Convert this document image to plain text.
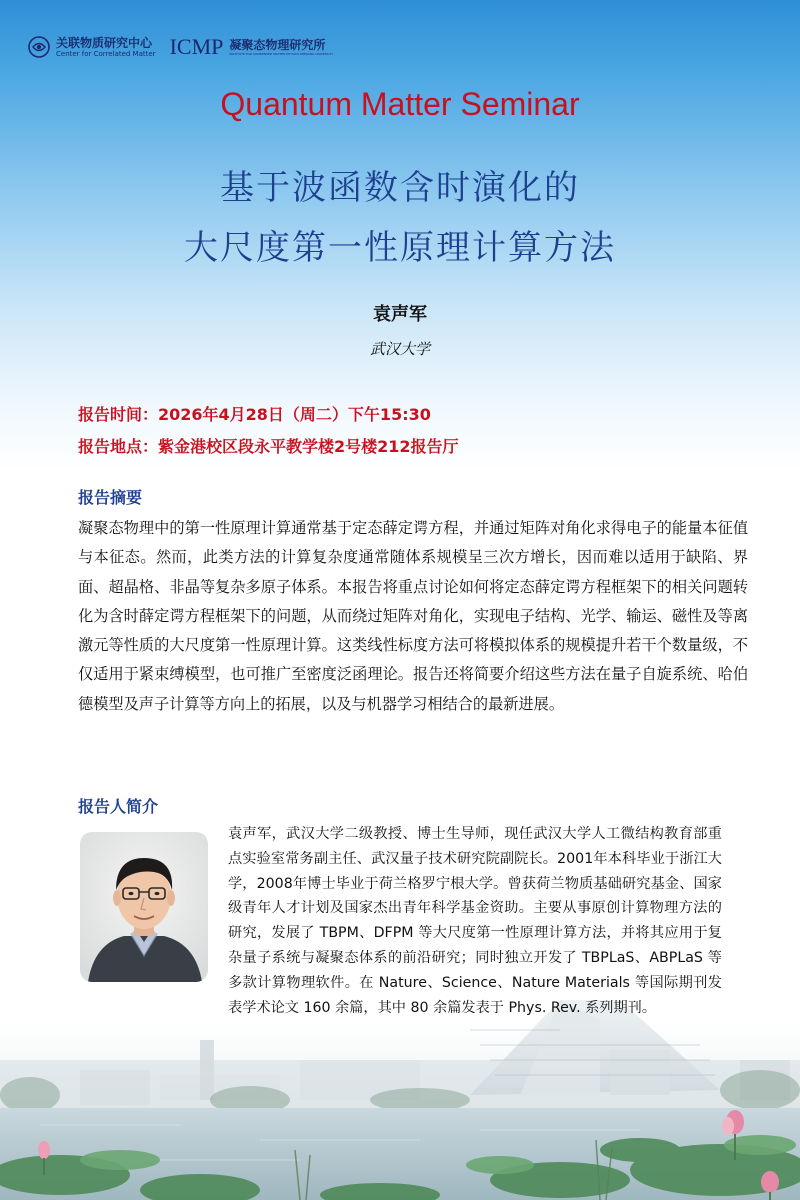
关联物质研究中心
Center for Correlated Matter ICMP 凝聚态物理研究所
INSTITUTE FOR CONDENSED MATTER PHYSICS ZHEJIANG UNIVERSITY
Quantum Matter Seminar
基于波函数含时演化的
大尺度第一性原理计算方法
袁声军
武汉大学
报告时间：2026年4月28日（周二）下午15:30
报告地点：紫金港校区段永平教学楼2号楼212报告厅
报告摘要
凝聚态物理中的第一性原理计算通常基于定态薛定谔方程，并通过矩阵对角化求得电子的能量本征值与本征态。然而，此类方法的计算复杂度通常随体系规模呈三次方增长，因而难以适用于缺陷、界面、超晶格、非晶等复杂多原子体系。本报告将重点讨论如何将定态薛定谔方程框架下的相关问题转化为含时薛定谔方程框架下的问题，从而绕过矩阵对角化，实现电子结构、光学、输运、磁性及等离激元等性质的大尺度第一性原理计算。这类线性标度方法可将模拟体系的规模提升若干个数量级，不仅适用于紧束缚模型，也可推广至密度泛函理论。报告还将简要介绍这些方法在量子自旋系统、哈伯德模型及声子计算等方向上的拓展，以及与机器学习相结合的最新进展。
报告人简介
袁声军，武汉大学二级教授、博士生导师，现任武汉大学人工微结构教育部重点实验室常务副主任、武汉量子技术研究院副院长。2001年本科毕业于浙江大学，2008年博士毕业于荷兰格罗宁根大学。曾获荷兰物质基础研究基金、国家级青年人才计划及国家杰出青年科学基金资助。主要从事原创计算物理方法的研究，发展了 TBPM、DFPM 等大尺度第一性原理计算方法，并将其应用于复杂量子系统与凝聚态体系的前沿研究；同时独立开发了 TBPLaS、ABPLaS 等多款计算物理软件。在 Nature、Science、Nature Materials 等国际期刊发表学术论文 160 余篇，其中 80 余篇发表于 Phys. Rev. 系列期刊。
